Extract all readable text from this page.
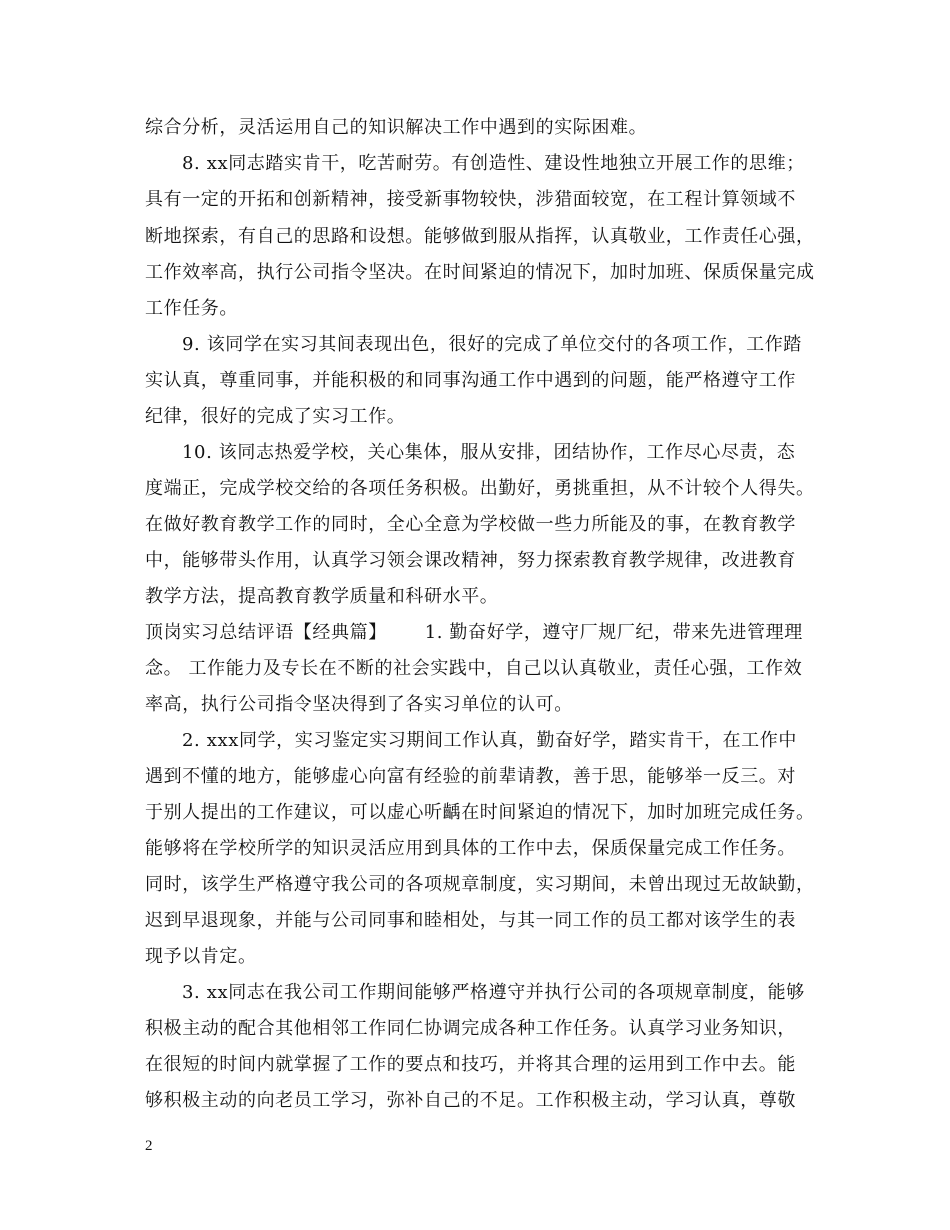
综合分析，灵活运用自己的知识解决工作中遇到的实际困难。
8. xx同志踏实肯干，吃苦耐劳。有创造性、建设性地独立开展工作的思维；
具有一定的开拓和创新精神，接受新事物较快，涉猎面较宽，在工程计算领域不
断地探索，有自己的思路和设想。能够做到服从指挥，认真敬业，工作责任心强，
工作效率高，执行公司指令坚决。在时间紧迫的情况下，加时加班、保质保量完成
工作任务。
9. 该同学在实习其间表现出色，很好的完成了单位交付的各项工作，工作踏
实认真，尊重同事，并能积极的和同事沟通工作中遇到的问题，能严格遵守工作
纪律，很好的完成了实习工作。
10. 该同志热爱学校，关心集体，服从安排，团结协作，工作尽心尽责，态
度端正，完成学校交给的各项任务积极。出勤好，勇挑重担，从不计较个人得失。
在做好教育教学工作的同时，全心全意为学校做一些力所能及的事，在教育教学
中，能够带头作用，认真学习领会课改精神，努力探索教育教学规律，改进教育
教学方法，提高教育教学质量和科研水平。
顶岗实习总结评语【经典篇】      1. 勤奋好学，遵守厂规厂纪，带来先进管理理
念。 工作能力及专长在不断的社会实践中，自己以认真敬业，责任心强，工作效
率高，执行公司指令坚决得到了各实习单位的认可。
2. xxx同学，实习鉴定实习期间工作认真，勤奋好学，踏实肯干，在工作中
遇到不懂的地方，能够虚心向富有经验的前辈请教，善于思，能够举一反三。对
于别人提出的工作建议，可以虚心听齲在时间紧迫的情况下，加时加班完成任务。
能够将在学校所学的知识灵活应用到具体的工作中去，保质保量完成工作任务。
同时，该学生严格遵守我公司的各项规章制度，实习期间，未曾出现过无故缺勤，
迟到早退现象，并能与公司同事和睦相处，与其一同工作的员工都对该学生的表
现予以肯定。
3. xx同志在我公司工作期间能够严格遵守并执行公司的各项规章制度，能够
积极主动的配合其他相邻工作同仁协调完成各种工作任务。认真学习业务知识，
在很短的时间内就掌握了工作的要点和技巧，并将其合理的运用到工作中去。能
够积极主动的向老员工学习，弥补自己的不足。工作积极主动，学习认真，尊敬
2
